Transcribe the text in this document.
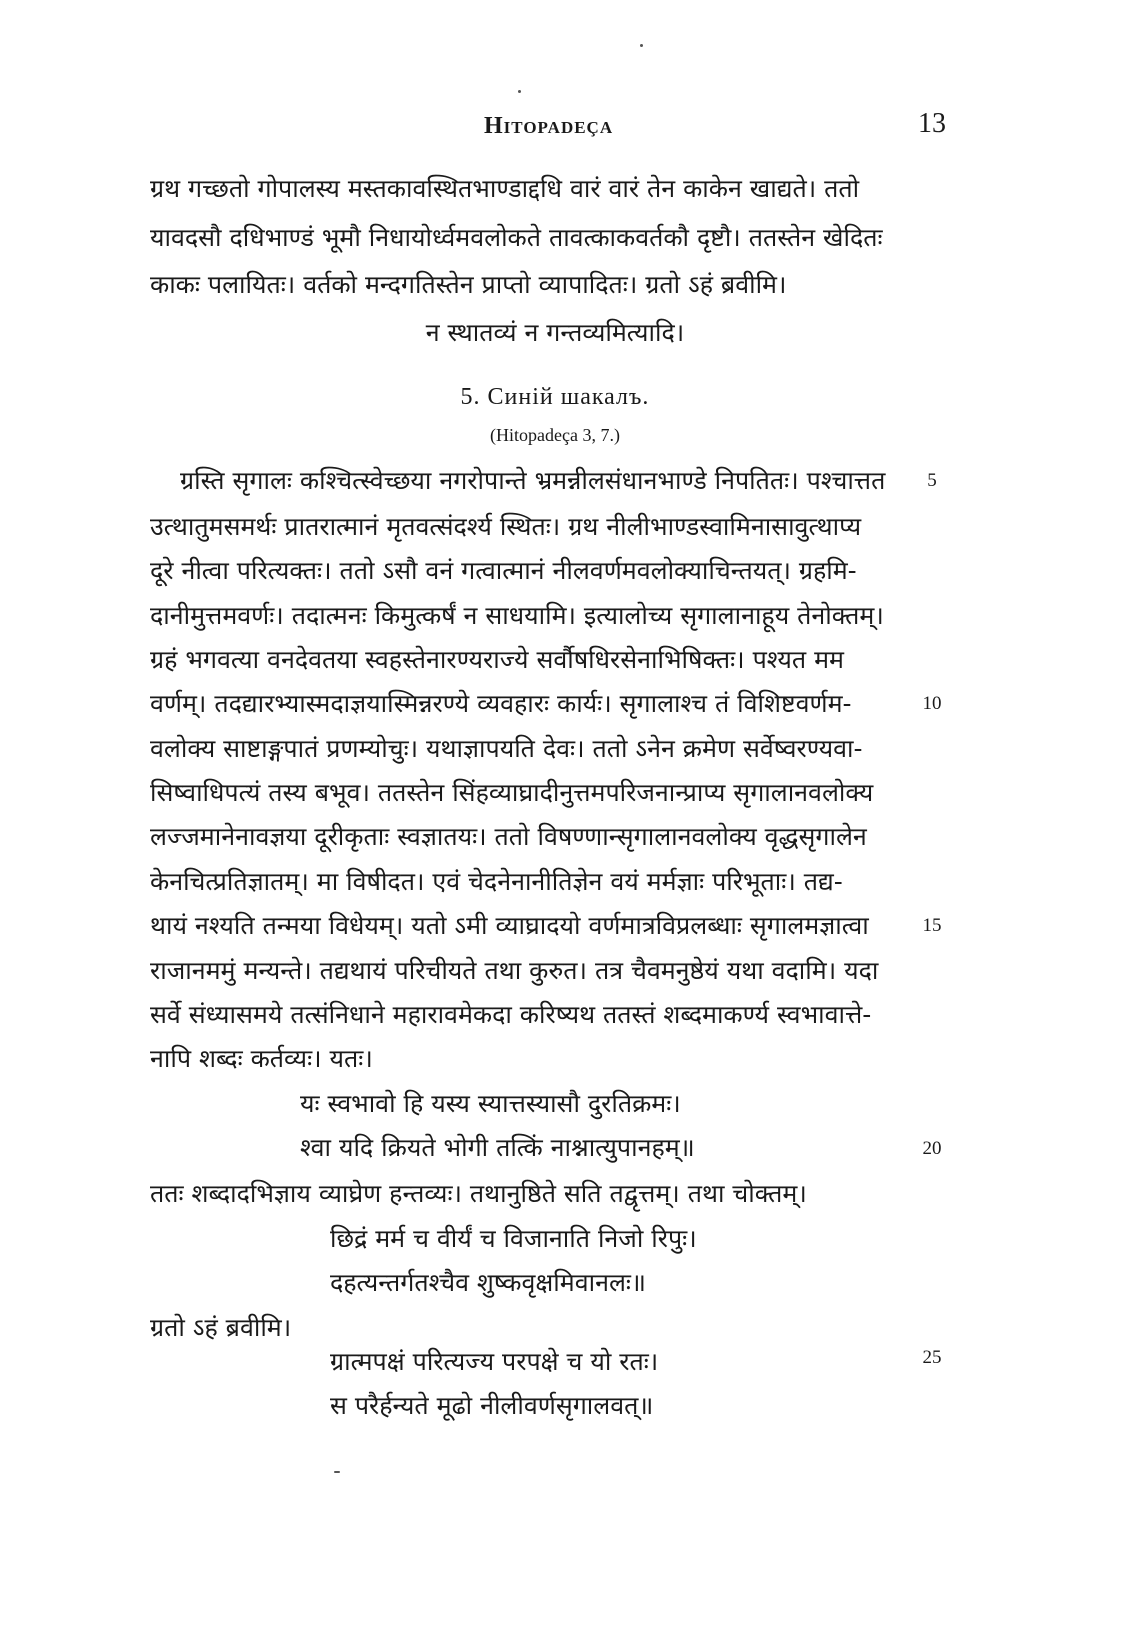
Hitopadeça	13
ग्रथ गच्छतो गोपालस्य मस्तकावस्थितभाण्डाद्दधि वारं वारं तेन काकेन खाद्यते। ततो
यावदसौ दधिभाण्डं भूमौ निधायोर्ध्वमवलोकते तावत्काकवर्तकौ दृष्टौ। ततस्तेन खेदितः
काकः पलायितः। वर्तको मन्दगतिस्तेन प्राप्तो व्यापादितः। ग्रतो ऽहं ब्रवीमि।
न स्थातव्यं न गन्तव्यमित्यादि।
5. Синій шакалъ.
(Hitopadeça 3, 7.)
ग्रस्ति सृगालः कश्चित्स्वेच्छया नगरोपान्ते भ्रमन्नीलसंधानभाण्डे निपतितः। पश्चात्तत
उत्थातुमसमर्थः प्रातरात्मानं मृतवत्संदर्श्य स्थितः। ग्रथ नीलीभाण्डस्वामिनासावुत्थाप्य
दूरे नीत्वा परित्यक्तः। ततो ऽसौ वनं गत्वात्मानं नीलवर्णमवलोक्याचिन्तयत्। ग्रहमि-
दानीमुत्तमवर्णः। तदात्मनः किमुत्कर्षं न साधयामि। इत्यालोच्य सृगालानाहूय तेनोक्तम्।
ग्रहं भगवत्या वनदेवतया स्वहस्तेनारण्यराज्ये सर्वौषधिरसेनाभिषिक्तः। पश्यत मम
वर्णम्। तदद्यारभ्यास्मदाज्ञयास्मिन्नरण्ये व्यवहारः कार्यः। सृगालाश्च तं विशिष्टवर्णम-
वलोक्य साष्टाङ्गपातं प्रणम्योचुः। यथाज्ञापयति देवः। ततो ऽनेन क्रमेण सर्वेष्वरण्यवा-
सिष्वाधिपत्यं तस्य बभूव। ततस्तेन सिंहव्याघ्रादीनुत्तमपरिजनान्प्राप्य सृगालानवलोक्य
लज्जमानेनावज्ञया दूरीकृताः स्वज्ञातयः। ततो विषण्णान्सृगालानवलोक्य वृद्धसृगालेन
केनचित्प्रतिज्ञातम्। मा विषीदत। एवं चेदनेनानीतिज्ञेन वयं मर्मज्ञाः परिभूताः। तद्य-
थायं नश्यति तन्मया विधेयम्। यतो ऽमी व्याघ्रादयो वर्णमात्रविप्रलब्धाः सृगालमज्ञात्वा
राजानममुं मन्यन्ते। तद्यथायं परिचीयते तथा कुरुत। तत्र चैवमनुष्ठेयं यथा वदामि। यदा
सर्वे संध्यासमये तत्संनिधाने महारावमेकदा करिष्यथ ततस्तं शब्दमाकर्ण्य स्वभावात्ते-
नापि शब्दः कर्तव्यः। यतः।
यः स्वभावो हि यस्य स्यात्तस्यासौ दुरतिक्रमः।
श्वा यदि क्रियते भोगी तत्किं नाश्नात्युपानहम्॥
ततः शब्दादभिज्ञाय व्याघ्रेण हन्तव्यः। तथानुष्ठिते सति तद्वृत्तम्। तथा चोक्तम्।
छिद्रं मर्म च वीर्यं च विजानाति निजो रिपुः।
दहत्यन्तर्गतश्चैव शुष्कवृक्षमिवानलः॥
ग्रतो ऽहं ब्रवीमि।
ग्रात्मपक्षं परित्यज्य परपक्षे च यो रतः।
स परैर्हन्यते मूढो नीलीवर्णसृगालवत्॥
5
10
15
20
25
